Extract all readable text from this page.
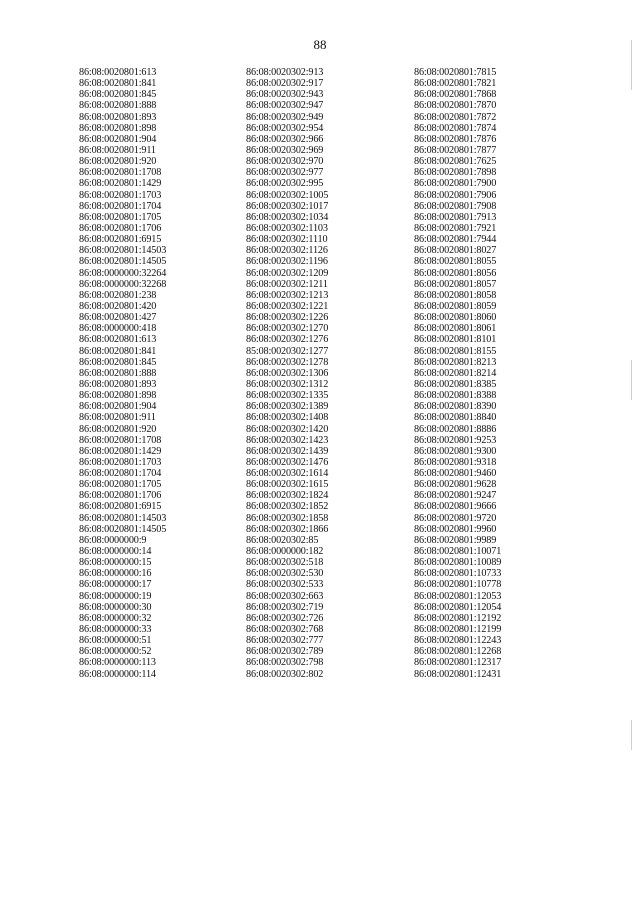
88
86:08:0020801:613
86:08:0020801:841
86:08:0020801:845
86:08:0020801:888
86:08:0020801:893
86:08:0020801:898
86:08:0020801:904
86:08:0020801:911
86:08:0020801:920
86:08:0020801:1708
86:08:0020801:1429
86:08:0020801:1703
86:08:0020801:1704
86:08:0020801:1705
86:08:0020801:1706
86:08:0020801:6915
86:08:0020801:14503
86:08:0020801:14505
86:08:0000000:32264
86:08:0000000:32268
86:08:0020801:238
86:08:0020801:420
86:08:0020801:427
86:08:0000000:418
86:08:0020801:613
86:08:0020801:841
86:08:0020801:845
86:08:0020801:888
86:08:0020801:893
86:08:0020801:898
86:08:0020801:904
86:08:0020801:911
86:08:0020801:920
86:08:0020801:1708
86:08:0020801:1429
86:08:0020801:1703
86:08:0020801:1704
86:08:0020801:1705
86:08:0020801:1706
86:08:0020801:6915
86:08:0020801:14503
86:08:0020801:14505
86:08:0000000:9
86:08:0000000:14
86:08:0000000:15
86:08:0000000:16
86:08:0000000:17
86:08:0000000:19
86:08:0000000:30
86:08:0000000:32
86:08:0000000:33
86:08:0000000:51
86:08:0000000:52
86:08:0000000:113
86:08:0000000:114
86:08:0020302:913
86:08:0020302:917
86:08:0020302:943
86:08:0020302:947
86:08:0020302:949
86:08:0020302:954
86:08:0020302:966
86:08:0020302:969
86:08:0020302:970
86:08:0020302:977
86:08:0020302:995
86:08:0020302:1005
86:08:0020302:1017
86:08:0020302:1034
86:08:0020302:1103
86:08:0020302:1110
86:08:0020302:1126
86:08:0020302:1196
86:08:0020302:1209
86:08:0020302:1211
86:08:0020302:1213
86:08:0020302:1221
86:08:0020302:1226
86:08:0020302:1270
86:08:0020302:1276
85:08:0020302:1277
86:08:0020302:1278
86:08:0020302:1306
86:08:0020302:1312
86:08:0020302:1335
86:08:0020302:1389
86:08:0020302:1408
86:08:0020302:1420
86:08:0020302:1423
86:08:0020302:1439
86:08:0020302:1476
86:08:0020302:1614
86:08:0020302:1615
86:08:0020302:1824
86:08:0020302:1852
86:08:0020302:1858
86:08:0020302:1866
86:08:0020302:85
86:08:0000000:182
86:08:0020302:518
86:08:0020302:530
86:08:0020302:533
86:08:0020302:663
86:08:0020302:719
86:08:0020302:726
86:08:0020302:768
86:08:0020302:777
86:08:0020302:789
86:08:0020302:798
86:08:0020302:802
86:08:0020801:7815
86:08:0020801:7821
86:08:0020801:7868
86:08:0020801:7870
86:08:0020801:7872
86:08:0020801:7874
86:08:0020801:7876
86:08:0020801:7877
86:08:0020801:7625
86:08:0020801:7898
86:08:0020801:7900
86:08:0020801:7906
86:08:0020801:7908
86:08:0020801:7913
86:08:0020801:7921
86:08:0020801:7944
86:08:0020801:8027
86:08:0020801:8055
86:08:0020801:8056
86:08:0020801:8057
86:08:0020801:8058
86:08:0020801:8059
86:08:0020801:8060
86:08:0020801:8061
86:08:0020801:8101
86:08:0020801:8155
86:08:0020801:8213
86:08:0020801:8214
86:08:0020801:8385
86:08:0020801:8388
86:08:0020801:8390
86:08:0020801:8840
86:08:0020801:8886
86:08:0020801:9253
86:08:0020801:9300
86:08:0020801:9318
86:08:0020801:9460
86:08:0020801:9628
86:08:0020801:9247
86:08:0020801:9666
86:08:0020801:9720
86:08:0020801:9960
86:08:0020801:9989
86:08:0020801:10071
86:08:0020801:10089
86:08:0020801:10733
86:08:0020801:10778
86:08:0020801:12053
86:08:0020801:12054
86:08:0020801:12192
86:08:0020801:12199
86:08:0020801:12243
86:08:0020801:12268
86:08:0020801:12317
86:08:0020801:12431
